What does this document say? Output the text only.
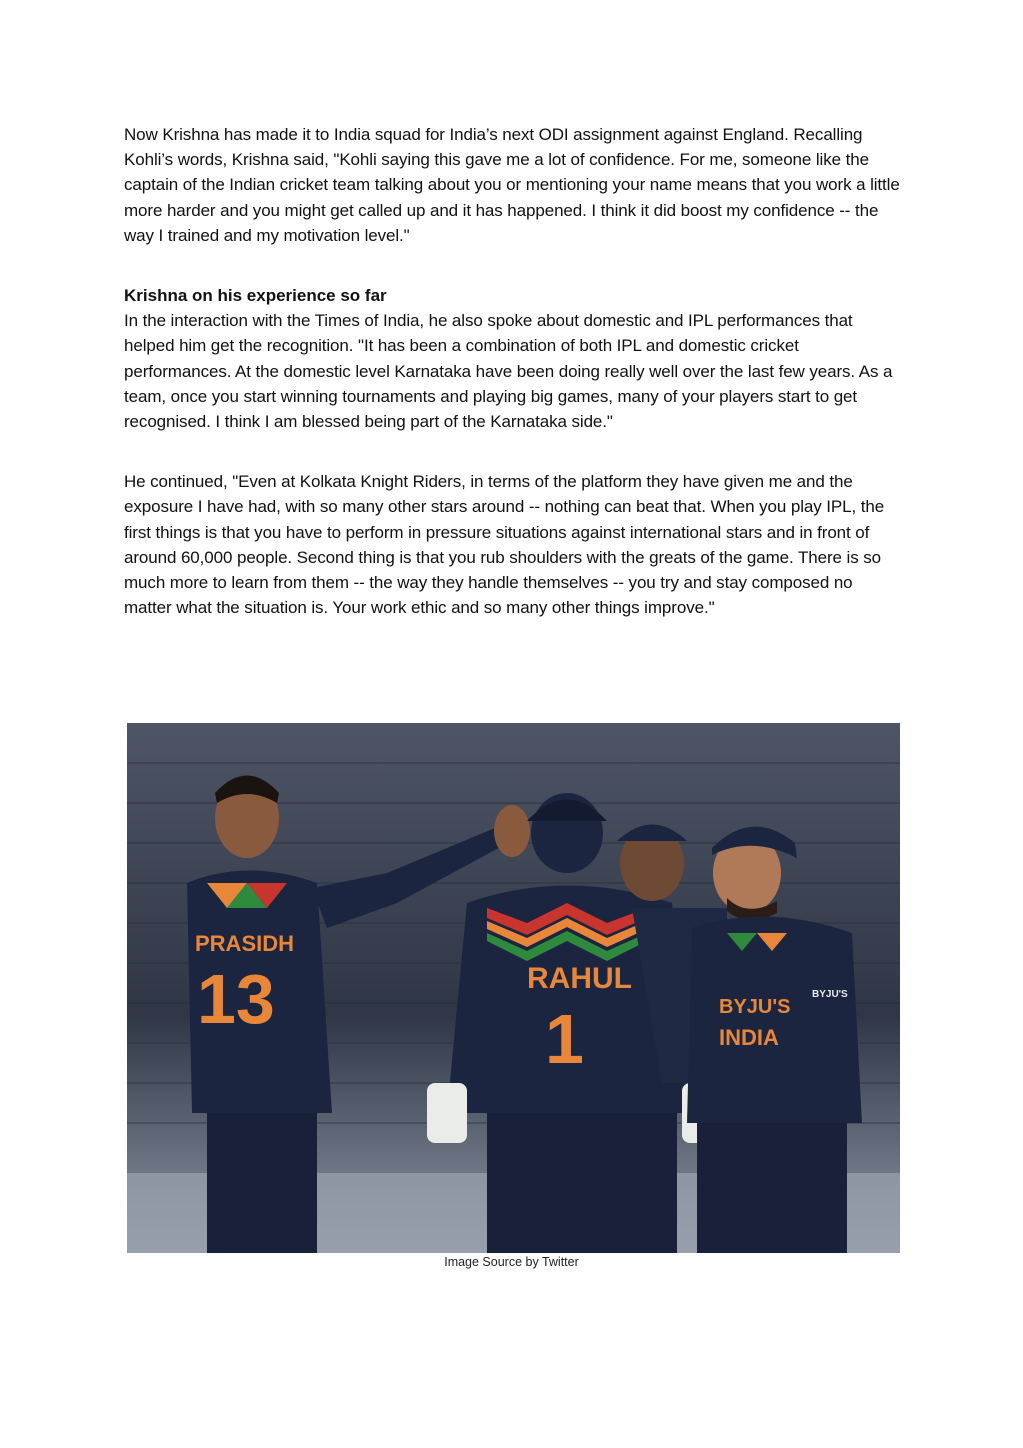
Now Krishna has made it to India squad for India’s next ODI assignment against England. Recalling Kohli’s words, Krishna said, "Kohli saying this gave me a lot of confidence. For me, someone like the captain of the Indian cricket team talking about you or mentioning your name means that you work a little more harder and you might get called up and it has happened. I think it did boost my confidence -- the way I trained and my motivation level."

Krishna on his experience so far

In the interaction with the Times of India, he also spoke about domestic and IPL performances that helped him get the recognition. "It has been a combination of both IPL and domestic cricket performances. At the domestic level Karnataka have been doing really well over the last few years. As a team, once you start winning tournaments and playing big games, many of your players start to get recognised. I think I am blessed being part of the Karnataka side."

He continued, "Even at Kolkata Knight Riders, in terms of the platform they have given me and the exposure I have had, with so many other stars around -- nothing can beat that. When you play IPL, the first things is that you have to perform in pressure situations against international stars and in front of around 60,000 people. Second thing is that you rub shoulders with the greats of the game. There is so much more to learn from them -- the way they handle themselves -- you try and stay composed no matter what the situation is. Your work ethic and so many other things improve."

PRASIDH
13	RAHUL
1	BYJU'S
INDIA
BYJU'S
Image Source by Twitter
